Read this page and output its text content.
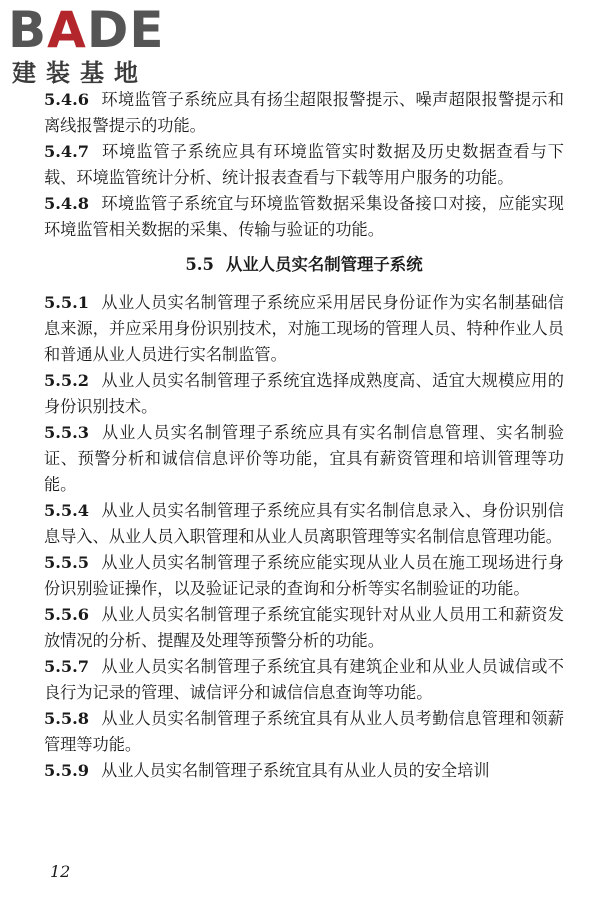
BADE
建装基地

5.4.6 环境监管子系统应具有扬尘超限报警提示、噪声超限报警提示和离线报警提示的功能。

5.4.7 环境监管子系统应具有环境监管实时数据及历史数据查看与下载、环境监管统计分析、统计报表查看与下载等用户服务的功能。

5.4.8 环境监管子系统宜与环境监管数据采集设备接口对接，应能实现环境监管相关数据的采集、传输与验证的功能。

5.5 从业人员实名制管理子系统

5.5.1 从业人员实名制管理子系统应采用居民身份证作为实名制基础信息来源，并应采用身份识别技术，对施工现场的管理人员、特种作业人员和普通从业人员进行实名制监管。

5.5.2 从业人员实名制管理子系统宜选择成熟度高、适宜大规模应用的身份识别技术。

5.5.3 从业人员实名制管理子系统应具有实名制信息管理、实名制验证、预警分析和诚信信息评价等功能，宜具有薪资管理和培训管理等功能。

5.5.4 从业人员实名制管理子系统应具有实名制信息录入、身份识别信息导入、从业人员入职管理和从业人员离职管理等实名制信息管理功能。

5.5.5 从业人员实名制管理子系统应能实现从业人员在施工现场进行身份识别验证操作，以及验证记录的查询和分析等实名制验证的功能。

5.5.6 从业人员实名制管理子系统宜能实现针对从业人员用工和薪资发放情况的分析、提醒及处理等预警分析的功能。

5.5.7 从业人员实名制管理子系统宜具有建筑企业和从业人员诚信或不良行为记录的管理、诚信评分和诚信信息查询等功能。

5.5.8 从业人员实名制管理子系统宜具有从业人员考勤信息管理和领薪管理等功能。

5.5.9 从业人员实名制管理子系统宜具有从业人员的安全培训

12
